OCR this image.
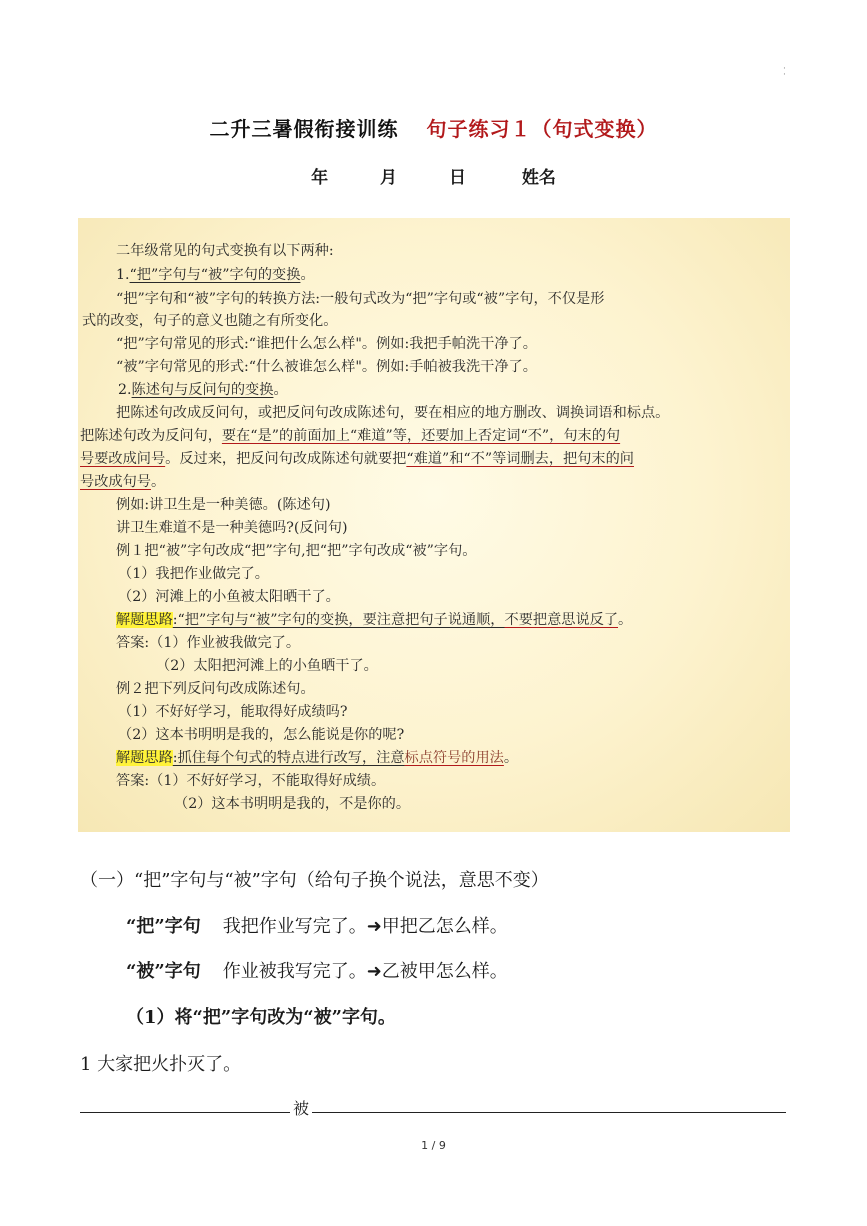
·
·
二升三暑假衔接训练 句子练习１（句式变换）
年	月	日	姓名
二年级常见的句式变换有以下两种:
1.“把”字句与“被”字句的变换。
“把”字句和“被”字句的转换方法:一般句式改为“把”字句或“被”字句，不仅是形
式的改变，句子的意义也随之有所变化。
“把”字句常见的形式:“谁把什么怎么样"。例如:我把手帕洗干净了。
“被”字句常见的形式:“什么被谁怎么样"。例如:手帕被我洗干净了。
2.陈述句与反问句的变换。
把陈述句改成反问句，或把反问句改成陈述句，要在相应的地方删改、调换词语和标点。
把陈述句改为反问句，要在“是”的前面加上“难道”等，还要加上否定词“不”，句末的句
号要改成问号。反过来，把反问句改成陈述句就要把“难道”和“不”等词删去，把句末的问
号改成句号。
例如:讲卫生是一种美德。(陈述句)
讲卫生难道不是一种美德吗?(反问句)
例１把“被”字句改成“把”字句,把“把”字句改成“被”字句。
（1）我把作业做完了。
（2）河滩上的小鱼被太阳晒干了。
解题思路:“把”字句与“被”字句的变换，要注意把句子说通顺，不要把意思说反了。
答案:（1）作业被我做完了。
（2）太阳把河滩上的小鱼晒干了。
例２把下列反问句改成陈述句。
（1）不好好学习，能取得好成绩吗?
（2）这本书明明是我的，怎么能说是你的呢?
解题思路:抓住每个句式的特点进行改写，注意标点符号的用法。
答案:（1）不好好学习，不能取得好成绩。
（2）这本书明明是我的，不是你的。
（一）“把”字句与“被”字句（给句子换个说法，意思不变）
“把”字句 我把作业写完了。➜甲把乙怎么样。
“被”字句 作业被我写完了。➜乙被甲怎么样。
（1）将“把”字句改为“被”字句。
1 大家把火扑灭了。
被
1 / 9
